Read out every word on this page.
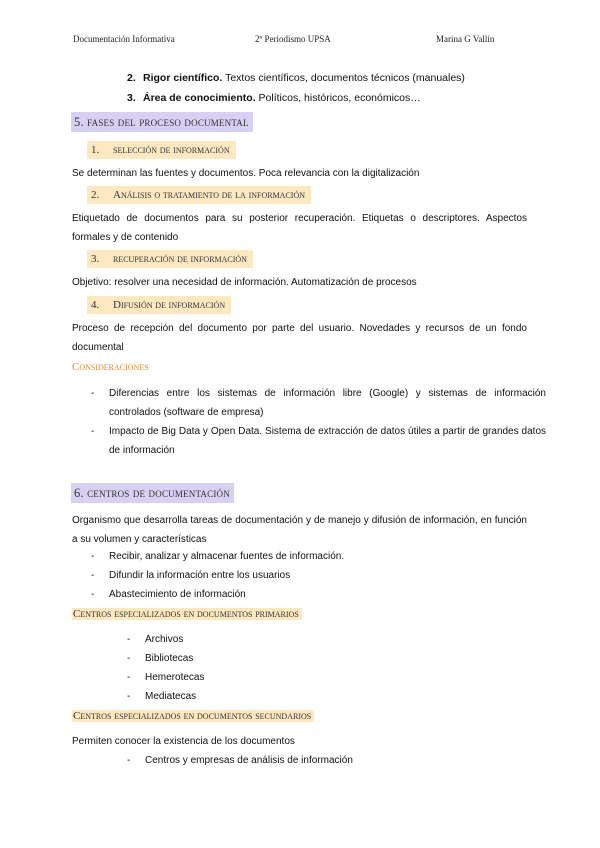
Documentación Informativa	2º Periodismo UPSA	Marina G Vallín
2. Rigor científico. Textos científicos, documentos técnicos (manuales)
3. Área de conocimiento. Políticos, históricos, económicos…
5. fases del proceso documental
1. selección de información
Se determinan las fuentes y documentos. Poca relevancia con la digitalización
2. Análisis o tratamiento de la información
Etiquetado de documentos para su posterior recuperación. Etiquetas o descriptores. Aspectos formales y de contenido
3. recuperación de información
Objetivo: resolver una necesidad de información. Automatización de procesos
4. Difusión de información
Proceso de recepción del documento por parte del usuario. Novedades y recursos de un fondo documental
Consideraciones
- Diferencias entre los sistemas de información libre (Google) y sistemas de información controlados (software de empresa)
- Impacto de Big Data y Open Data. Sistema de extracción de datos útiles a partir de grandes datos de información
6. centros de documentación
Organismo que desarrolla tareas de documentación y de manejo y difusión de información, en función a su volumen y características
- Recibir, analizar y almacenar fuentes de información.
- Difundir la información entre los usuarios
- Abastecimiento de información
Centros especializados en documentos primarios
- Archivos
- Bibliotecas
- Hemerotecas
- Mediatecas
Centros especializados en documentos secundarios
Permiten conocer la existencia de los documentos
- Centros y empresas de análisis de información
